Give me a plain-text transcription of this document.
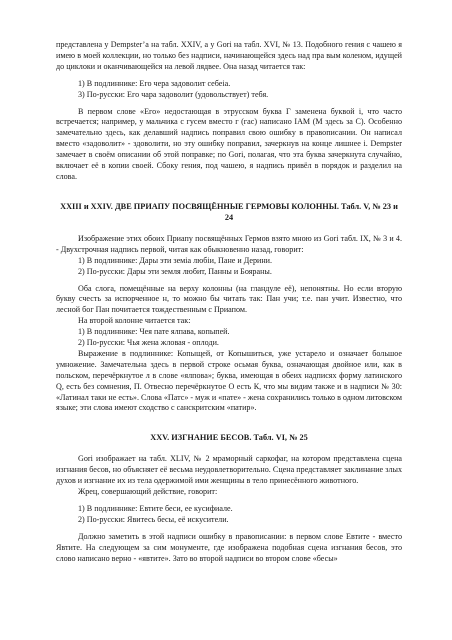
представлена у Dempster’а на табл. XXIV, а у Gori на табл. XVI, № 13. Подобного гения с чашею я имею в моей коллекции, но только без надписи, начинающейся здесь над пра вым коленом, идущей до циклоки и оканчивающейся на левой лядвее. Она назад читается так:

1) В подлиннике: Его чера задоволит себеiа.
3) По-русски: Его чара задоволит (удовольствует) тебя.

В первом слове «Его» недостающая в этрусском буква Г заменена буквой i, что часто встречается; например, у мальчика с гусем вместо г (гас) написано IAM (M здесь за С). Особенно замечательно здесь, как делавший надпись поправил свою ошибку в правописании. Он написал вместо «задоволит» - здоволити, но эту ошибку поправил, зачеркнув на конце лишнее i. Dempster замечает в своём описании об этой поправке; по Gori, полагая, что эта буква зачеркнута случайно, включает её в копии своей. Сбоку гения, под чашею, я надпись привёл в порядок и разделил на слова.

XXIII и XXIV. ДВЕ ПРИАПУ ПОСВЯЩЁННЫЕ ГЕРМОВЫ КОЛОННЫ. Табл. V, № 23 и 24

Изображение этих обоих Приапу посвящённых Гермов взято мною из Gori табл. IX, № 3 и 4. - Двухстрочная надпись первой, читая как обыкновенно назад, говорит:

1) В подлиннике: Дары эти земiа любiи, Пане и Дерини.
2) По-русски: Дары эти земля любит, Панны и Бояраны.

Оба слога, помещённые на верху колонны (на гландуле её), непонятны. Но если вторую букву счесть за испорченное н, то можно бы читать так: Пан учи; т.е. пан учит. Известно, что лесной бог Пан почитается тождественным с Приапом.

На второй колонне читается так:

1) В подлиннике: Чея пате ялпава, копыпей.
2) По-русски: Чья жена жловая - оплоди.

Выражение в подлиннике: Копыщей, от Копышиться, уже устарело и означает большое умножение. Замечательна здесь в первой строке осьмая буква, означающая двойное или, как в польском, перечёркнутое л в слове «ялпова»; буква, имеющая в обеих надписях форму латинского Q, есть без сомнения, П. Отвесно перечёркнутое O есть К, что мы видим также и в надписи № 30: «Латинал таки не есть». Слова «Патс» - муж и «пате» - жена сохранились только в одном литовском языке; эти слова имеют сходство с санскритским «патир».

XXV. ИЗГНАНИЕ БЕСОВ. Табл. VI, № 25

Gori изображает на табл. XLIV, № 2 мраморный саркофаг, на котором представлена сцена изгнания бесов, но объясняет её весьма неудовлетворительно. Сцена представляет заклинание злых духов и изгнание их из тела одержимой ими женщины в тело принесённого животного.

Жрец, совершающий действие, говорит:

1) В подлиннике: Евтите беси, ее кусифиале.
2) По-русски: Явитесь бесы, её искусители.

Должно заметить в этой надписи ошибку в правописании: в первом слове Евтите - вместо Явтите. На следующем за сим монументе, где изображена подобная сцена изгнания бесов, это слово написано верно - «явтите». Зато во второй надписи во втором слове «бесы»
